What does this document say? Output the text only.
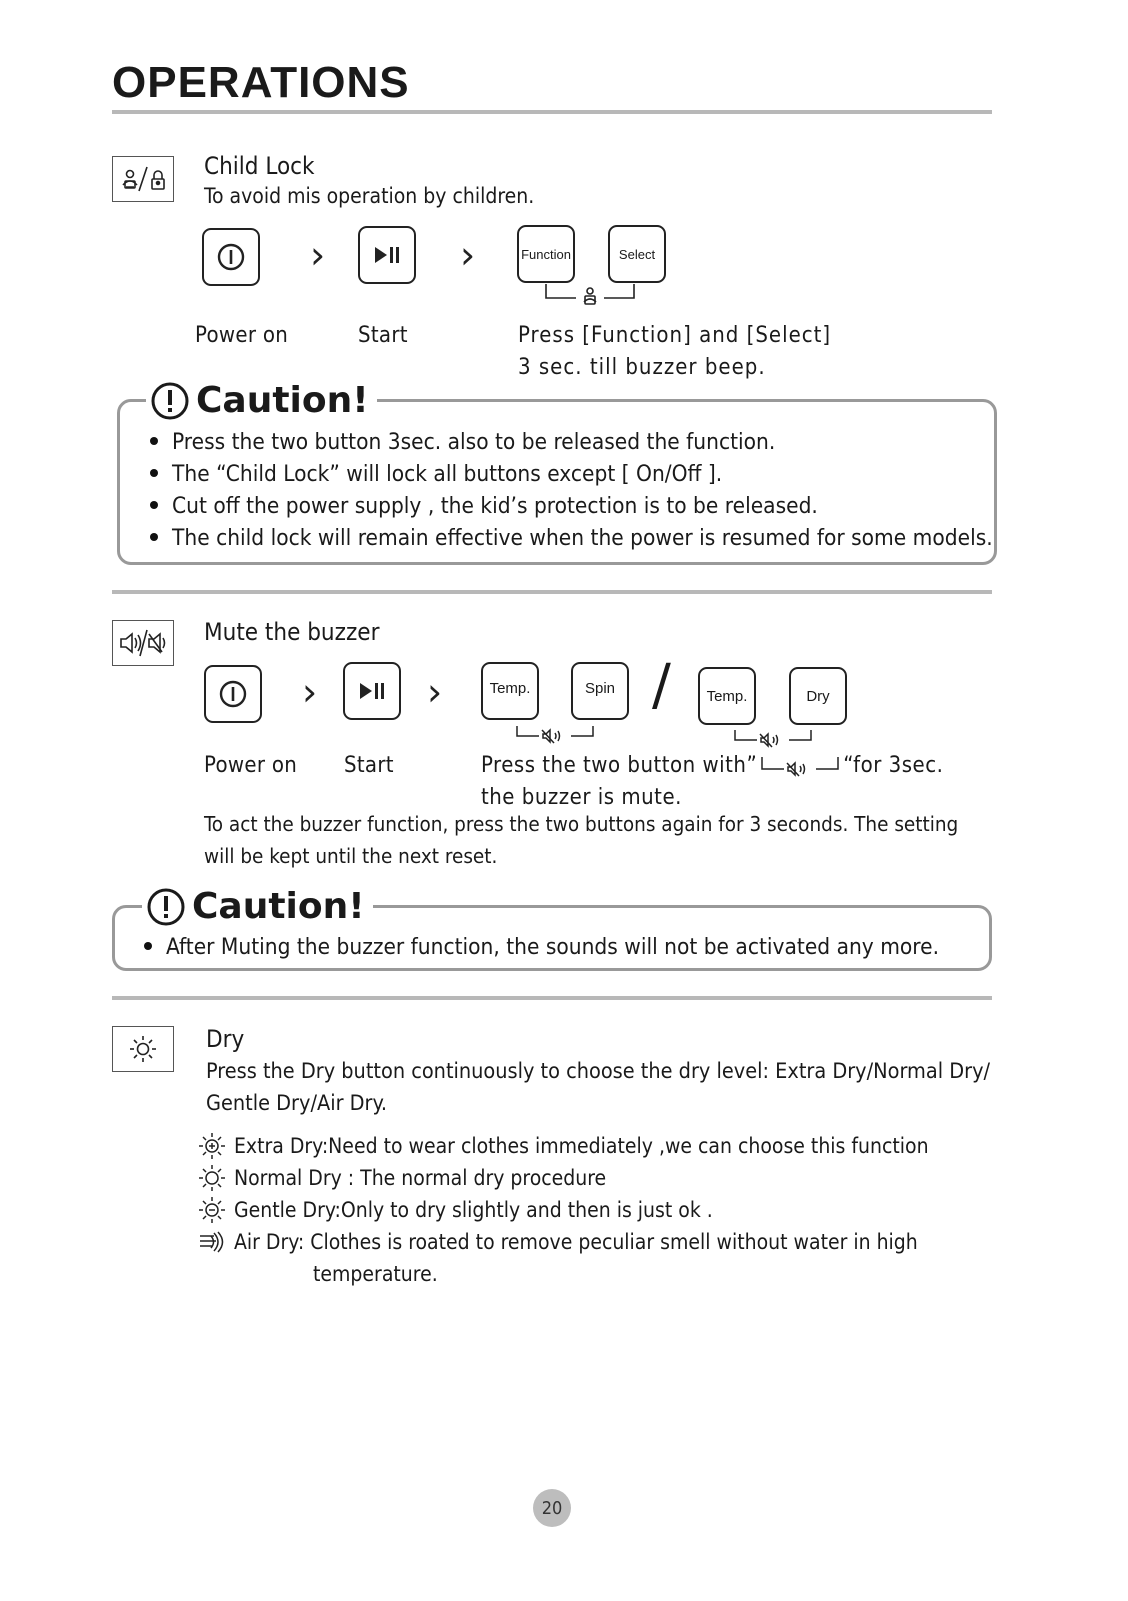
OPERATIONS
Child Lock
To avoid mis operation by children.
›	›	Function	Select
Power on	Start	Press [Function] and [Select]
3 sec. till buzzer beep.
Caution!
Press the two button 3sec. also to be released the function.
The “Child Lock” will lock all buttons except [ On/Off ].
Cut off the power supply , the kid’s protection is to be released.
The child lock will remain effective when the power is resumed for some models.
Mute the buzzer
›	›	Temp.	Spin /	Temp.	Dry
Power on Start	Press the two button with”	“for 3sec.
the buzzer is mute.
To act the buzzer function, press the two buttons again for 3 seconds. The setting
will be kept until the next reset.
Caution!
After Muting the buzzer function, the sounds will not be activated any more.
Dry
Press the Dry button continuously to choose the dry level: Extra Dry/Normal Dry/
Gentle Dry/Air Dry.
Extra Dry:Need to wear clothes immediately ,we can choose this function
Normal Dry : The normal dry procedure
Gentle Dry:Only to dry slightly and then is just ok .
Air Dry: Clothes is roated to remove peculiar smell without water in high
temperature.
20
